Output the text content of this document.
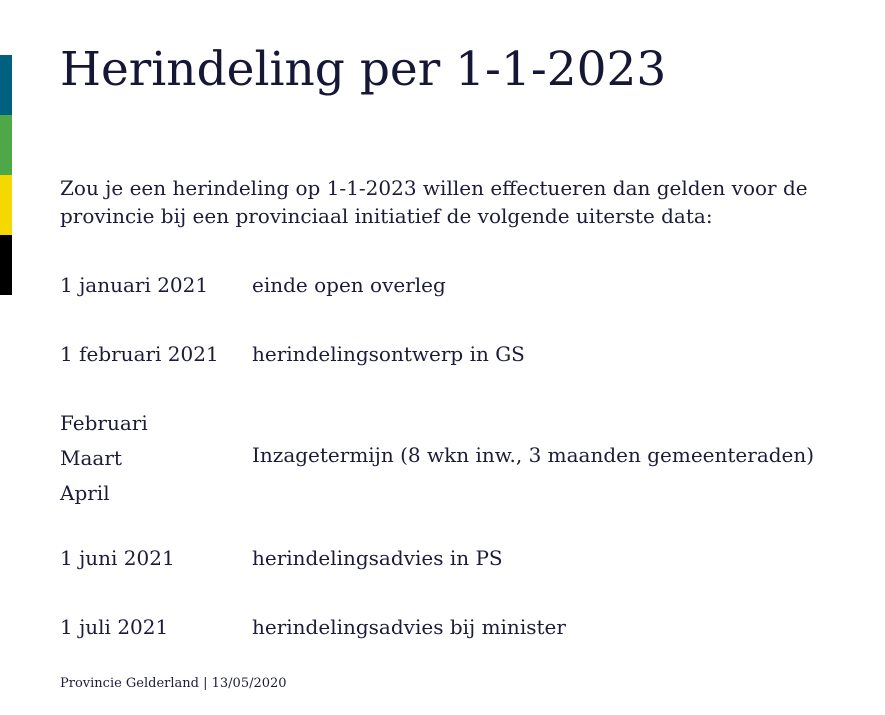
Herindeling per 1-1-2023

Zou je een herindeling op 1-1-2023 willen effectueren dan gelden voor de provincie bij een provinciaal initiatief de volgende uiterste data:

1 januari 2021 einde open overleg
1 februari 2021 herindelingsontwerp in GS
Februari
Maart
April
Inzagetermijn (8 wkn inw., 3 maanden gemeenteraden)
1 juni 2021	herindelingsadvies in PS
1 juli 2021	herindelingsadvies bij minister
Provincie Gelderland | 13/05/2020
